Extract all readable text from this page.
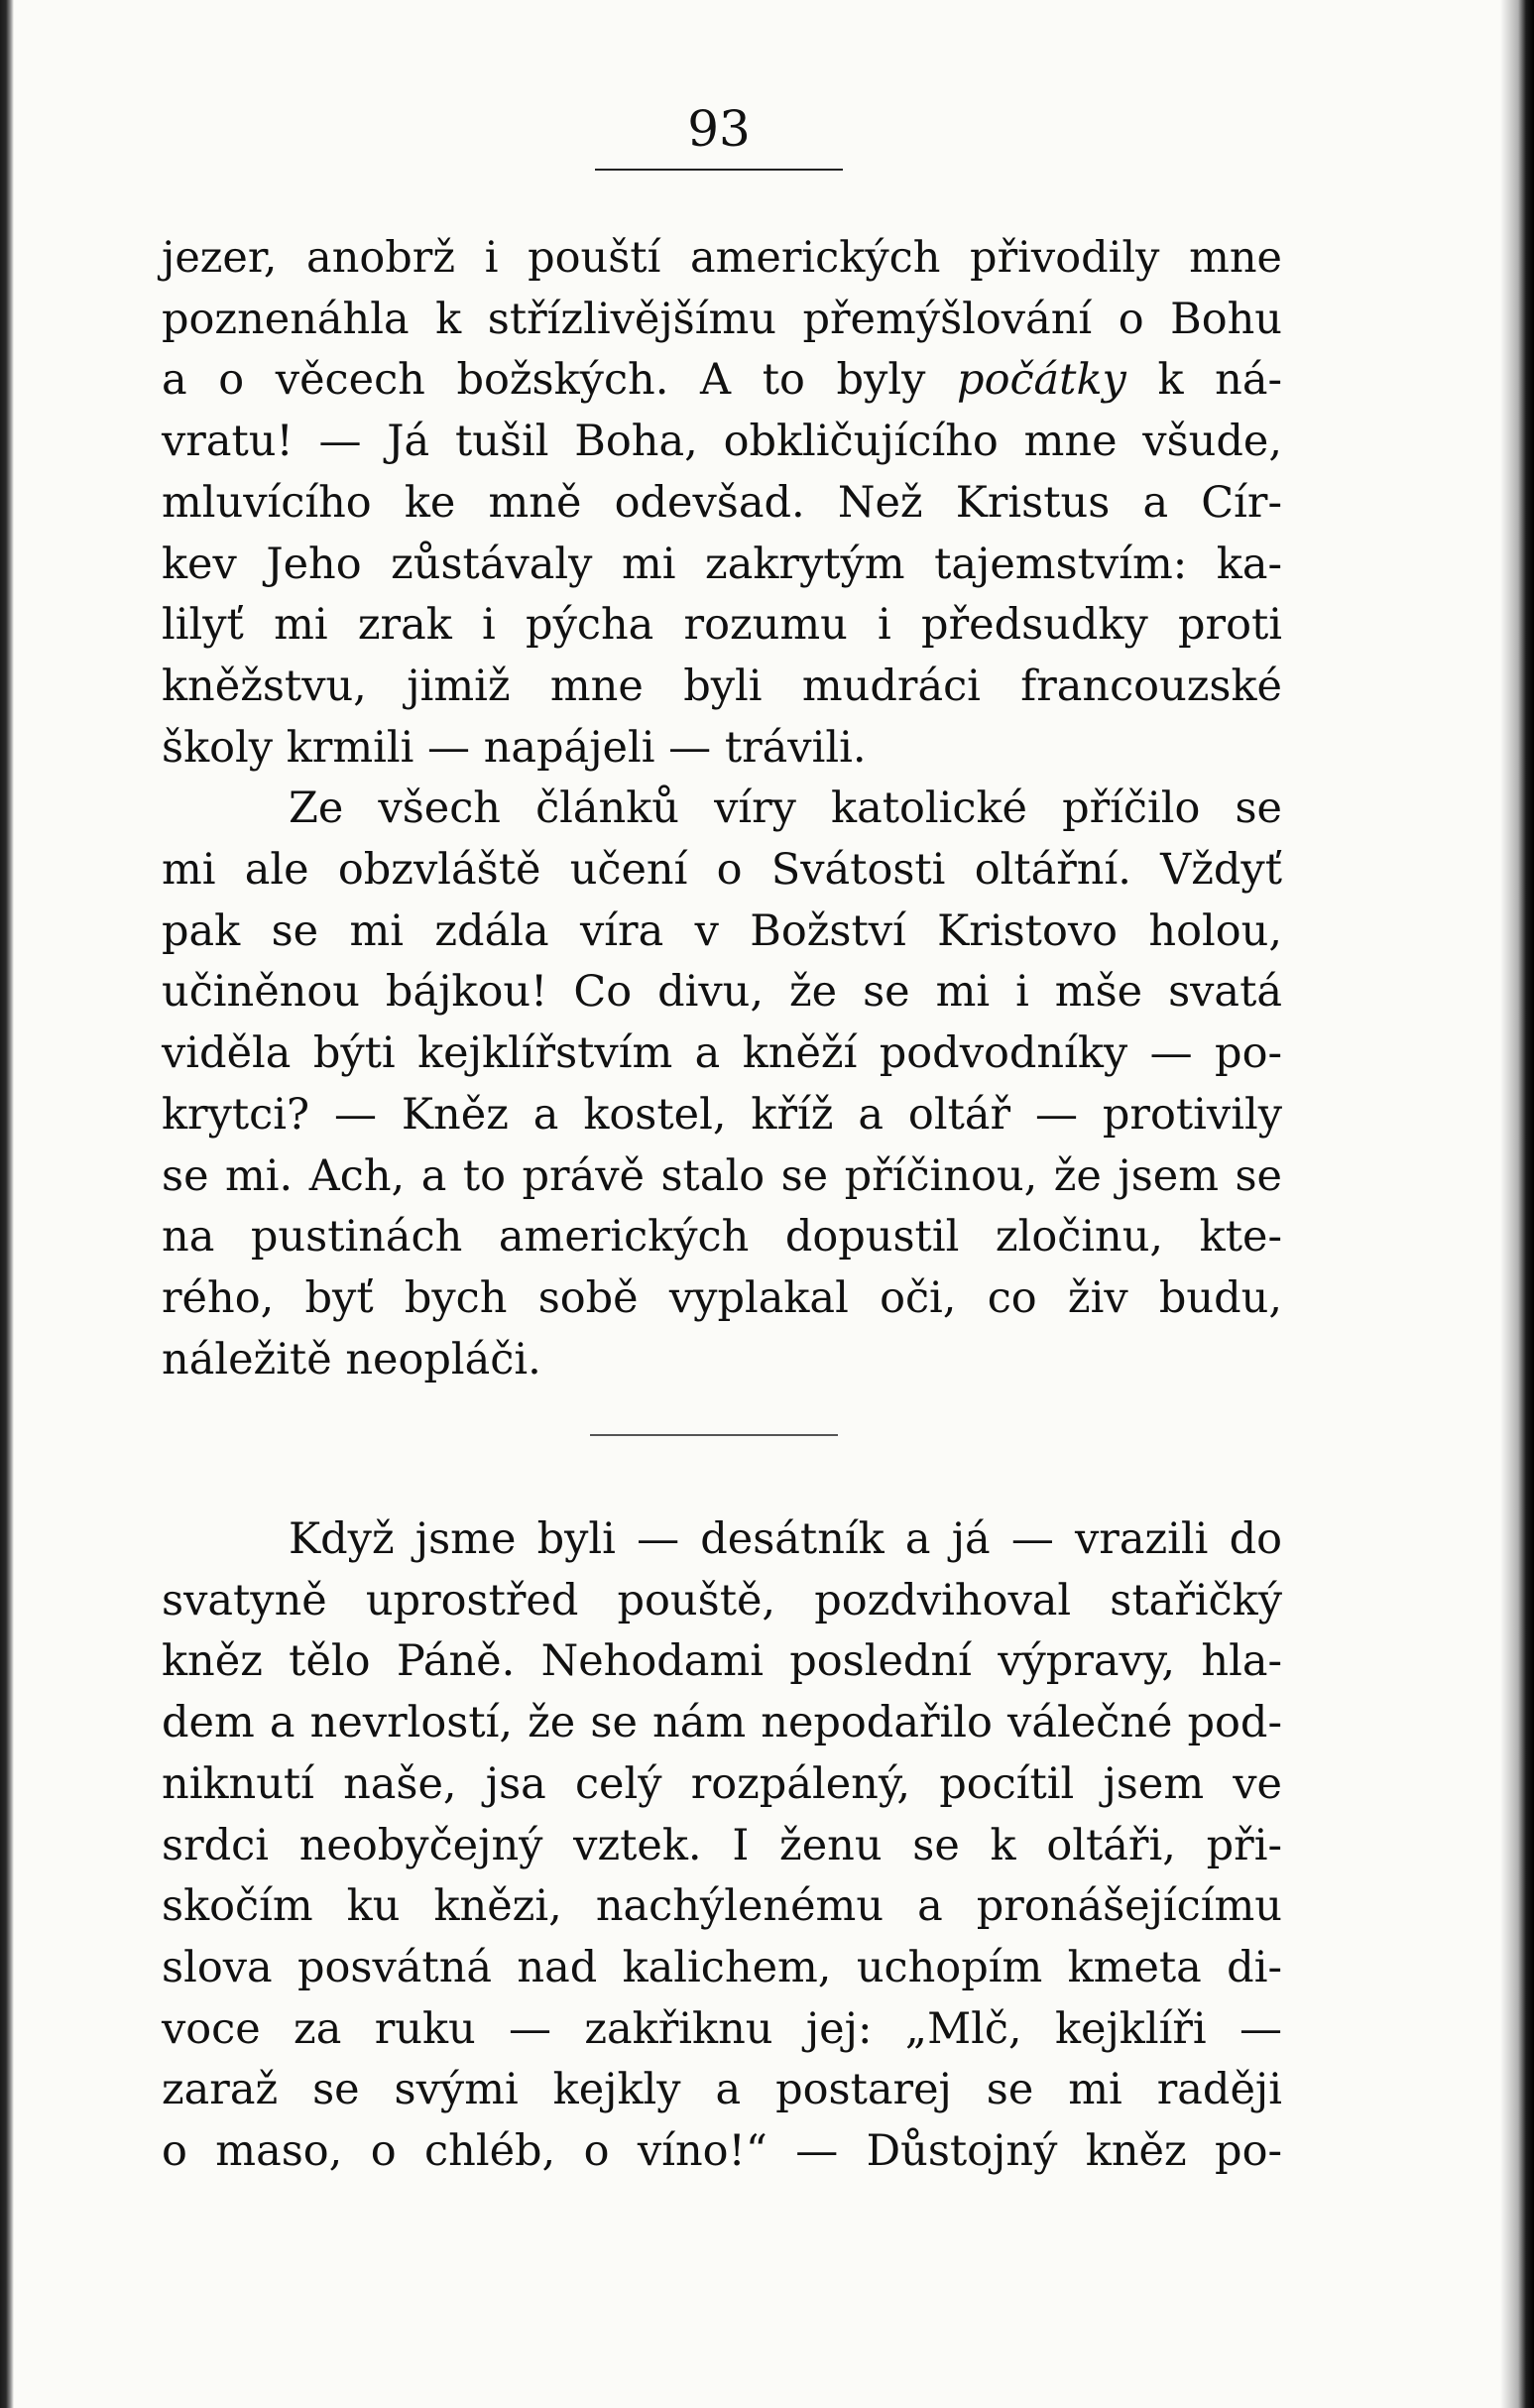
93
jezer, anobrž i pouští amerických přivodily mne
poznenáhla k střízlivějšímu přemýšlování o Bohu
a o věcech božských. A to byly počátky k ná-
vratu! — Já tušil Boha, obkličujícího mne všude,
mluvícího ke mně odevšad. Než Kristus a Cír-
kev Jeho zůstávaly mi zakrytým tajemstvím: ka-
lilyť mi zrak i pýcha rozumu i předsudky proti
kněžstvu, jimiž mne byli mudráci francouzské
školy krmili — napájeli — trávili.
Ze všech článků víry katolické příčilo se
mi ale obzvláště učení o Svátosti oltářní. Vždyť
pak se mi zdála víra v Božství Kristovo holou,
učiněnou bájkou! Co divu, že se mi i mše svatá
viděla býti kejklířstvím a kněží podvodníky — po-
krytci? — Kněz a kostel, kříž a oltář — protivily
se mi. Ach, a to právě stalo se příčinou, že jsem se
na pustinách amerických dopustil zločinu, kte-
rého, byť bych sobě vyplakal oči, co živ budu,
náležitě neopláči.
Když jsme byli — desátník a já — vrazili do
svatyně uprostřed pouště, pozdvihoval stařičký
kněz tělo Páně. Nehodami poslední výpravy, hla-
dem a nevrlostí, že se nám nepodařilo válečné pod-
niknutí naše, jsa celý rozpálený, pocítil jsem ve
srdci neobyčejný vztek. I ženu se k oltáři, při-
skočím ku knězi, nachýlenému a pronášejícímu
slova posvátná nad kalichem, uchopím kmeta di-
voce za ruku — zakřiknu jej: „Mlč, kejklíři —
zaraž se svými kejkly a postarej se mi raději
o maso, o chléb, o víno!“ — Důstojný kněz po-
